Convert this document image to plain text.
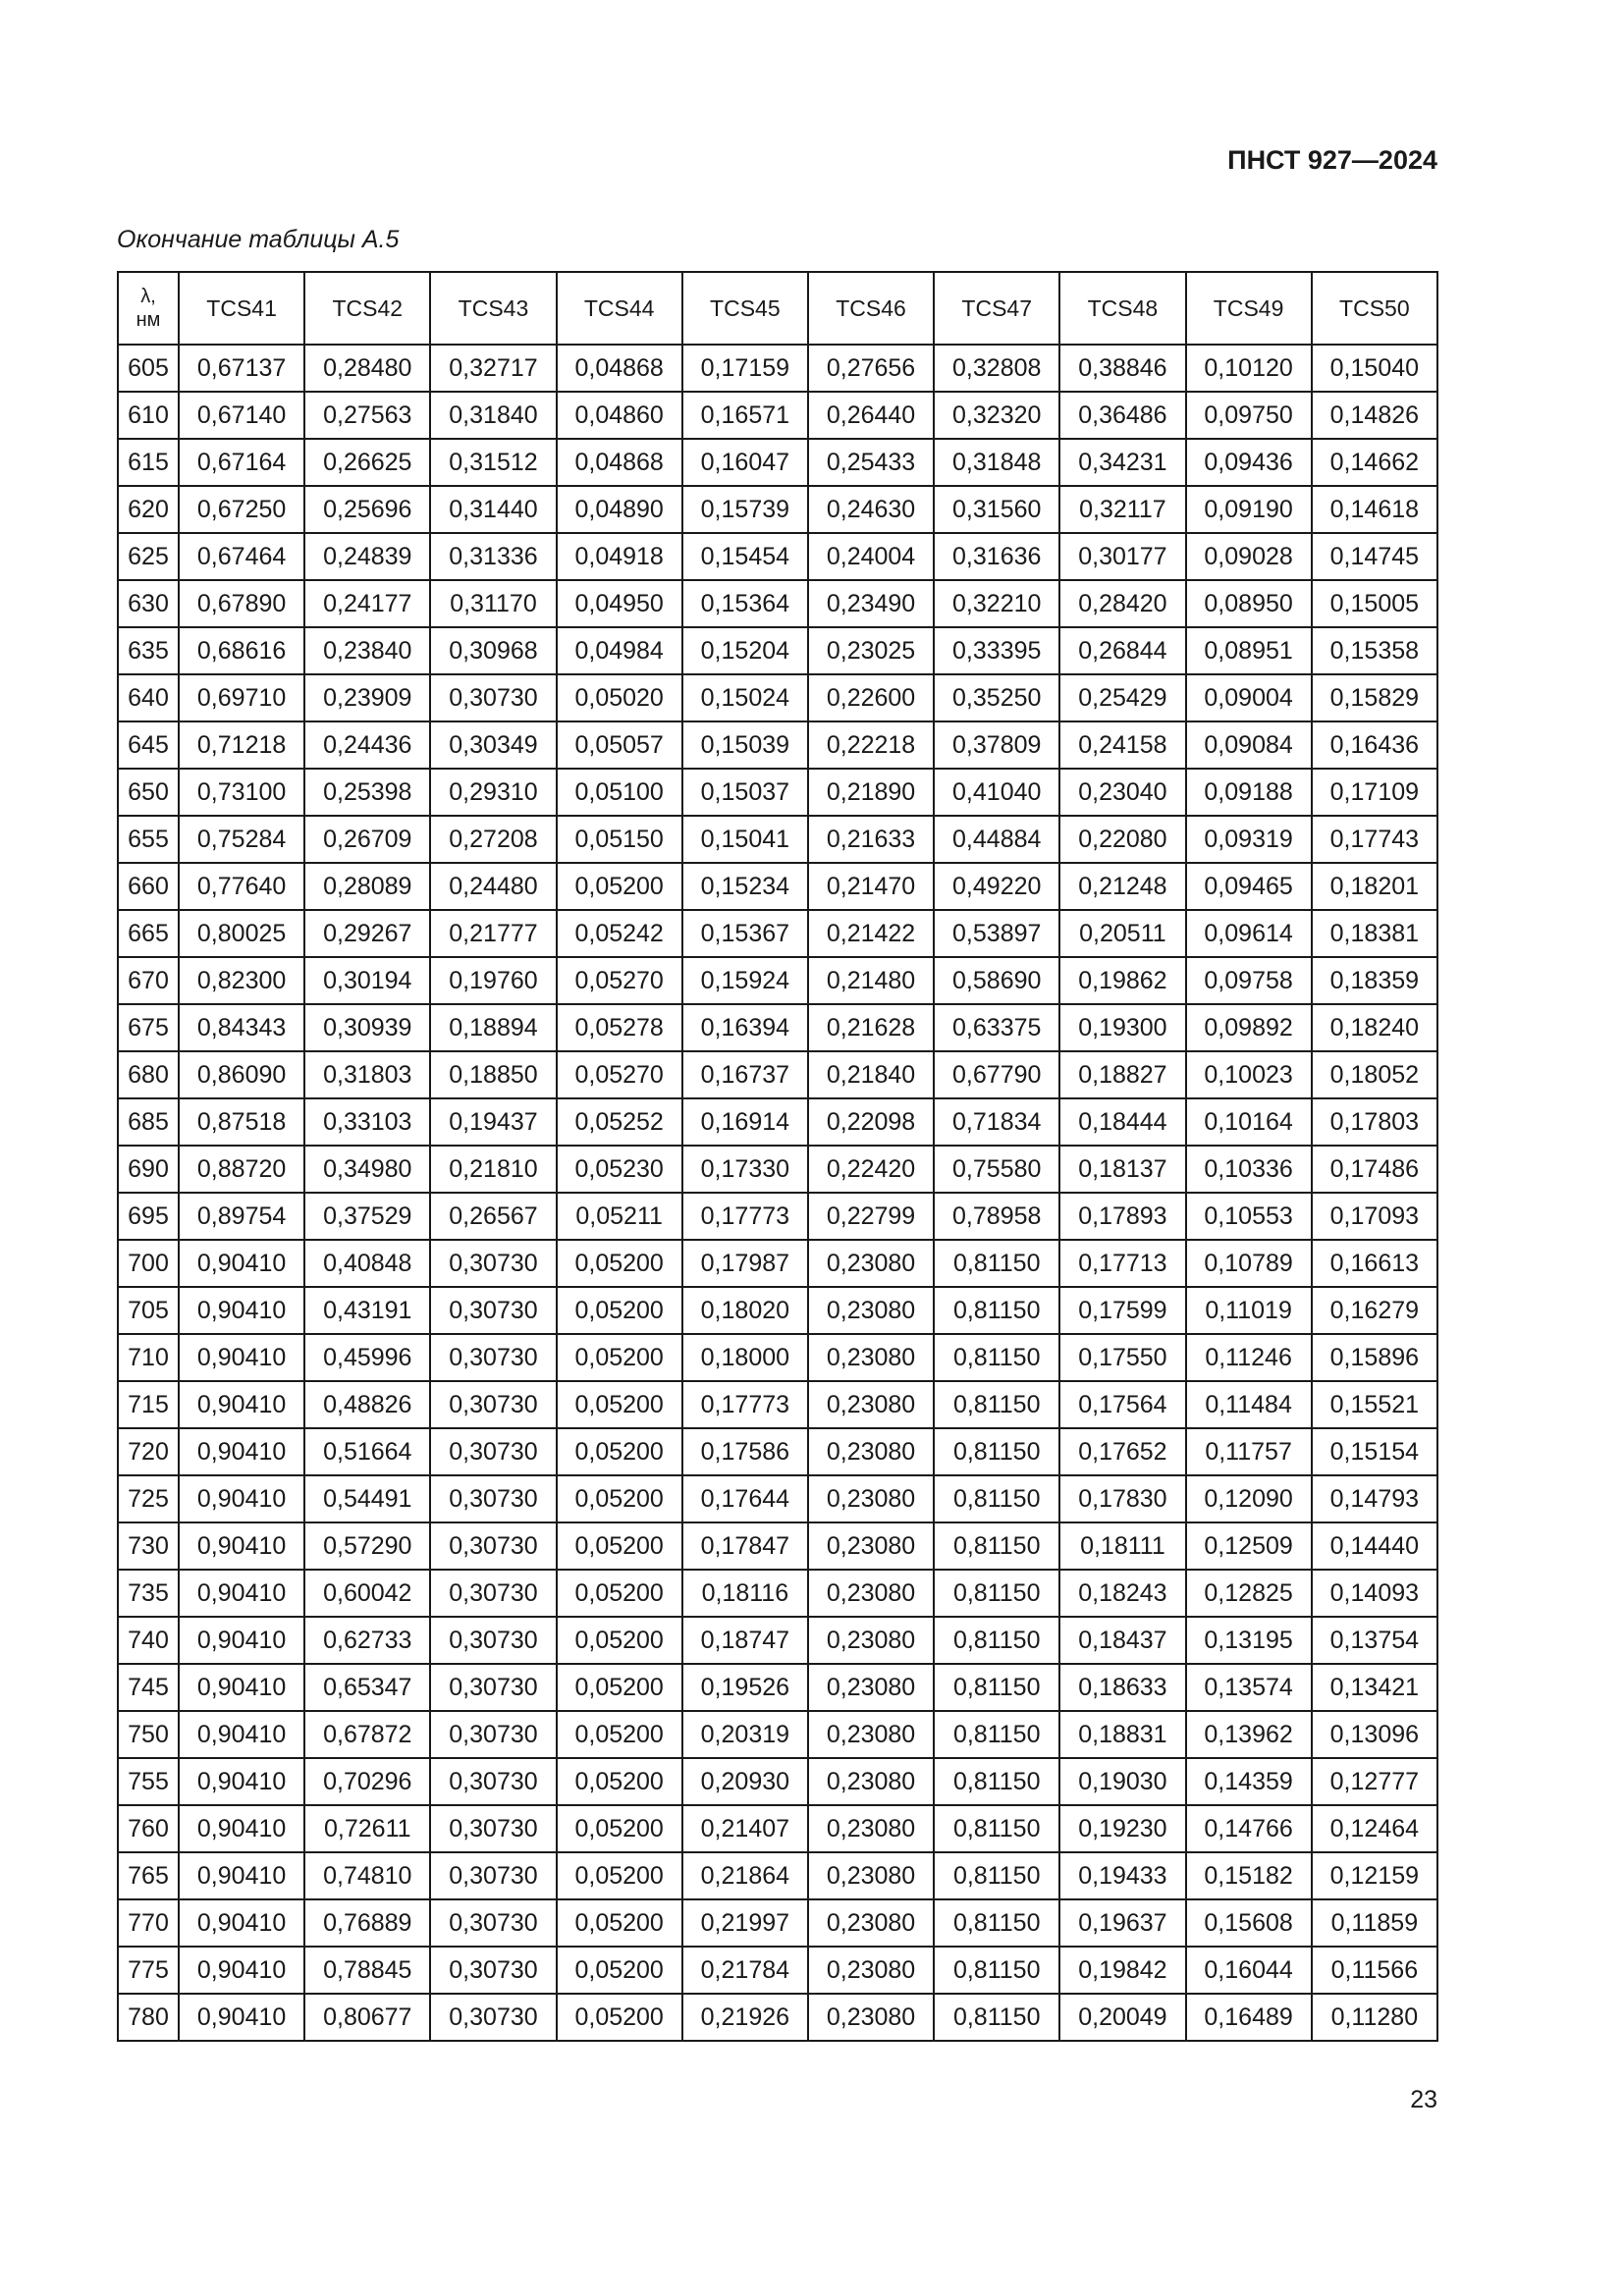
ПНСТ 927—2024
Окончание таблицы А.5
λ,
нм	TCS41	TCS42	TCS43	TCS44	TCS45	TCS46	TCS47	TCS48	TCS49	TCS50
605	0,67137	0,28480	0,32717	0,04868	0,17159	0,27656	0,32808	0,38846	0,10120	0,15040
610	0,67140	0,27563	0,31840	0,04860	0,16571	0,26440	0,32320	0,36486	0,09750	0,14826
615	0,67164	0,26625	0,31512	0,04868	0,16047	0,25433	0,31848	0,34231	0,09436	0,14662
620	0,67250	0,25696	0,31440	0,04890	0,15739	0,24630	0,31560	0,32117	0,09190	0,14618
625	0,67464	0,24839	0,31336	0,04918	0,15454	0,24004	0,31636	0,30177	0,09028	0,14745
630	0,67890	0,24177	0,31170	0,04950	0,15364	0,23490	0,32210	0,28420	0,08950	0,15005
635	0,68616	0,23840	0,30968	0,04984	0,15204	0,23025	0,33395	0,26844	0,08951	0,15358
640	0,69710	0,23909	0,30730	0,05020	0,15024	0,22600	0,35250	0,25429	0,09004	0,15829
645	0,71218	0,24436	0,30349	0,05057	0,15039	0,22218	0,37809	0,24158	0,09084	0,16436
650	0,73100	0,25398	0,29310	0,05100	0,15037	0,21890	0,41040	0,23040	0,09188	0,17109
655	0,75284	0,26709	0,27208	0,05150	0,15041	0,21633	0,44884	0,22080	0,09319	0,17743
660	0,77640	0,28089	0,24480	0,05200	0,15234	0,21470	0,49220	0,21248	0,09465	0,18201
665	0,80025	0,29267	0,21777	0,05242	0,15367	0,21422	0,53897	0,20511	0,09614	0,18381
670	0,82300	0,30194	0,19760	0,05270	0,15924	0,21480	0,58690	0,19862	0,09758	0,18359
675	0,84343	0,30939	0,18894	0,05278	0,16394	0,21628	0,63375	0,19300	0,09892	0,18240
680	0,86090	0,31803	0,18850	0,05270	0,16737	0,21840	0,67790	0,18827	0,10023	0,18052
685	0,87518	0,33103	0,19437	0,05252	0,16914	0,22098	0,71834	0,18444	0,10164	0,17803
690	0,88720	0,34980	0,21810	0,05230	0,17330	0,22420	0,75580	0,18137	0,10336	0,17486
695	0,89754	0,37529	0,26567	0,05211	0,17773	0,22799	0,78958	0,17893	0,10553	0,17093
700	0,90410	0,40848	0,30730	0,05200	0,17987	0,23080	0,81150	0,17713	0,10789	0,16613
705	0,90410	0,43191	0,30730	0,05200	0,18020	0,23080	0,81150	0,17599	0,11019	0,16279
710	0,90410	0,45996	0,30730	0,05200	0,18000	0,23080	0,81150	0,17550	0,11246	0,15896
715	0,90410	0,48826	0,30730	0,05200	0,17773	0,23080	0,81150	0,17564	0,11484	0,15521
720	0,90410	0,51664	0,30730	0,05200	0,17586	0,23080	0,81150	0,17652	0,11757	0,15154
725	0,90410	0,54491	0,30730	0,05200	0,17644	0,23080	0,81150	0,17830	0,12090	0,14793
730	0,90410	0,57290	0,30730	0,05200	0,17847	0,23080	0,81150	0,18111	0,12509	0,14440
735	0,90410	0,60042	0,30730	0,05200	0,18116	0,23080	0,81150	0,18243	0,12825	0,14093
740	0,90410	0,62733	0,30730	0,05200	0,18747	0,23080	0,81150	0,18437	0,13195	0,13754
745	0,90410	0,65347	0,30730	0,05200	0,19526	0,23080	0,81150	0,18633	0,13574	0,13421
750	0,90410	0,67872	0,30730	0,05200	0,20319	0,23080	0,81150	0,18831	0,13962	0,13096
755	0,90410	0,70296	0,30730	0,05200	0,20930	0,23080	0,81150	0,19030	0,14359	0,12777
760	0,90410	0,72611	0,30730	0,05200	0,21407	0,23080	0,81150	0,19230	0,14766	0,12464
765	0,90410	0,74810	0,30730	0,05200	0,21864	0,23080	0,81150	0,19433	0,15182	0,12159
770	0,90410	0,76889	0,30730	0,05200	0,21997	0,23080	0,81150	0,19637	0,15608	0,11859
775	0,90410	0,78845	0,30730	0,05200	0,21784	0,23080	0,81150	0,19842	0,16044	0,11566
780	0,90410	0,80677	0,30730	0,05200	0,21926	0,23080	0,81150	0,20049	0,16489	0,11280
23
